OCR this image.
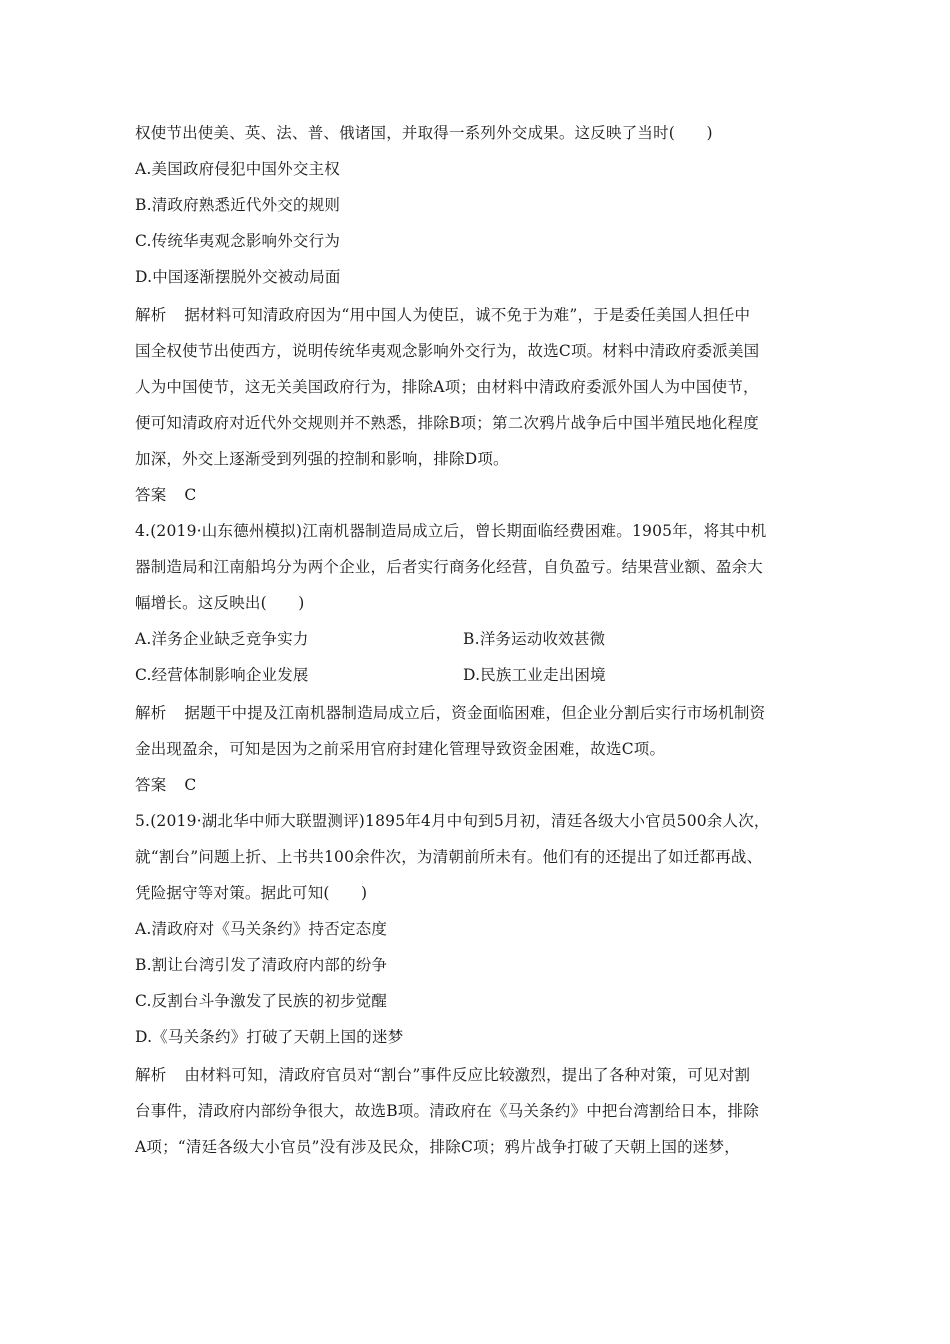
权使节出使美、英、法、普、俄诸国，并取得一系列外交成果。这反映了当时(　　)
A.美国政府侵犯中国外交主权
B.清政府熟悉近代外交的规则
C.传统华夷观念影响外交行为
D.中国逐渐摆脱外交被动局面
解析 据材料可知清政府因为“用中国人为使臣，诚不免于为难”，于是委任美国人担任中
国全权使节出使西方，说明传统华夷观念影响外交行为，故选C项。材料中清政府委派美国
人为中国使节，这无关美国政府行为，排除A项；由材料中清政府委派外国人为中国使节，
便可知清政府对近代外交规则并不熟悉，排除B项；第二次鸦片战争后中国半殖民地化程度
加深，外交上逐渐受到列强的控制和影响，排除D项。
答案 C
4.(2019·山东德州模拟)江南机器制造局成立后，曾长期面临经费困难。1905年，将其中机
器制造局和江南船坞分为两个企业，后者实行商务化经营，自负盈亏。结果营业额、盈余大
幅增长。这反映出(　　)
A.洋务企业缺乏竞争实力	B.洋务运动收效甚微
C.经营体制影响企业发展	D.民族工业走出困境
解析 据题干中提及江南机器制造局成立后，资金面临困难，但企业分割后实行市场机制资
金出现盈余，可知是因为之前采用官府封建化管理导致资金困难，故选C项。
答案 C
5.(2019·湖北华中师大联盟测评)1895年4月中旬到5月初，清廷各级大小官员500余人次，
就“割台”问题上折、上书共100余件次，为清朝前所未有。他们有的还提出了如迁都再战、
凭险据守等对策。据此可知(　　)
A.清政府对《马关条约》持否定态度
B.割让台湾引发了清政府内部的纷争
C.反割台斗争激发了民族的初步觉醒
D.《马关条约》打破了天朝上国的迷梦
解析 由材料可知，清政府官员对“割台”事件反应比较激烈，提出了各种对策，可见对割
台事件，清政府内部纷争很大，故选B项。清政府在《马关条约》中把台湾割给日本，排除
A项；“清廷各级大小官员”没有涉及民众，排除C项；鸦片战争打破了天朝上国的迷梦，
